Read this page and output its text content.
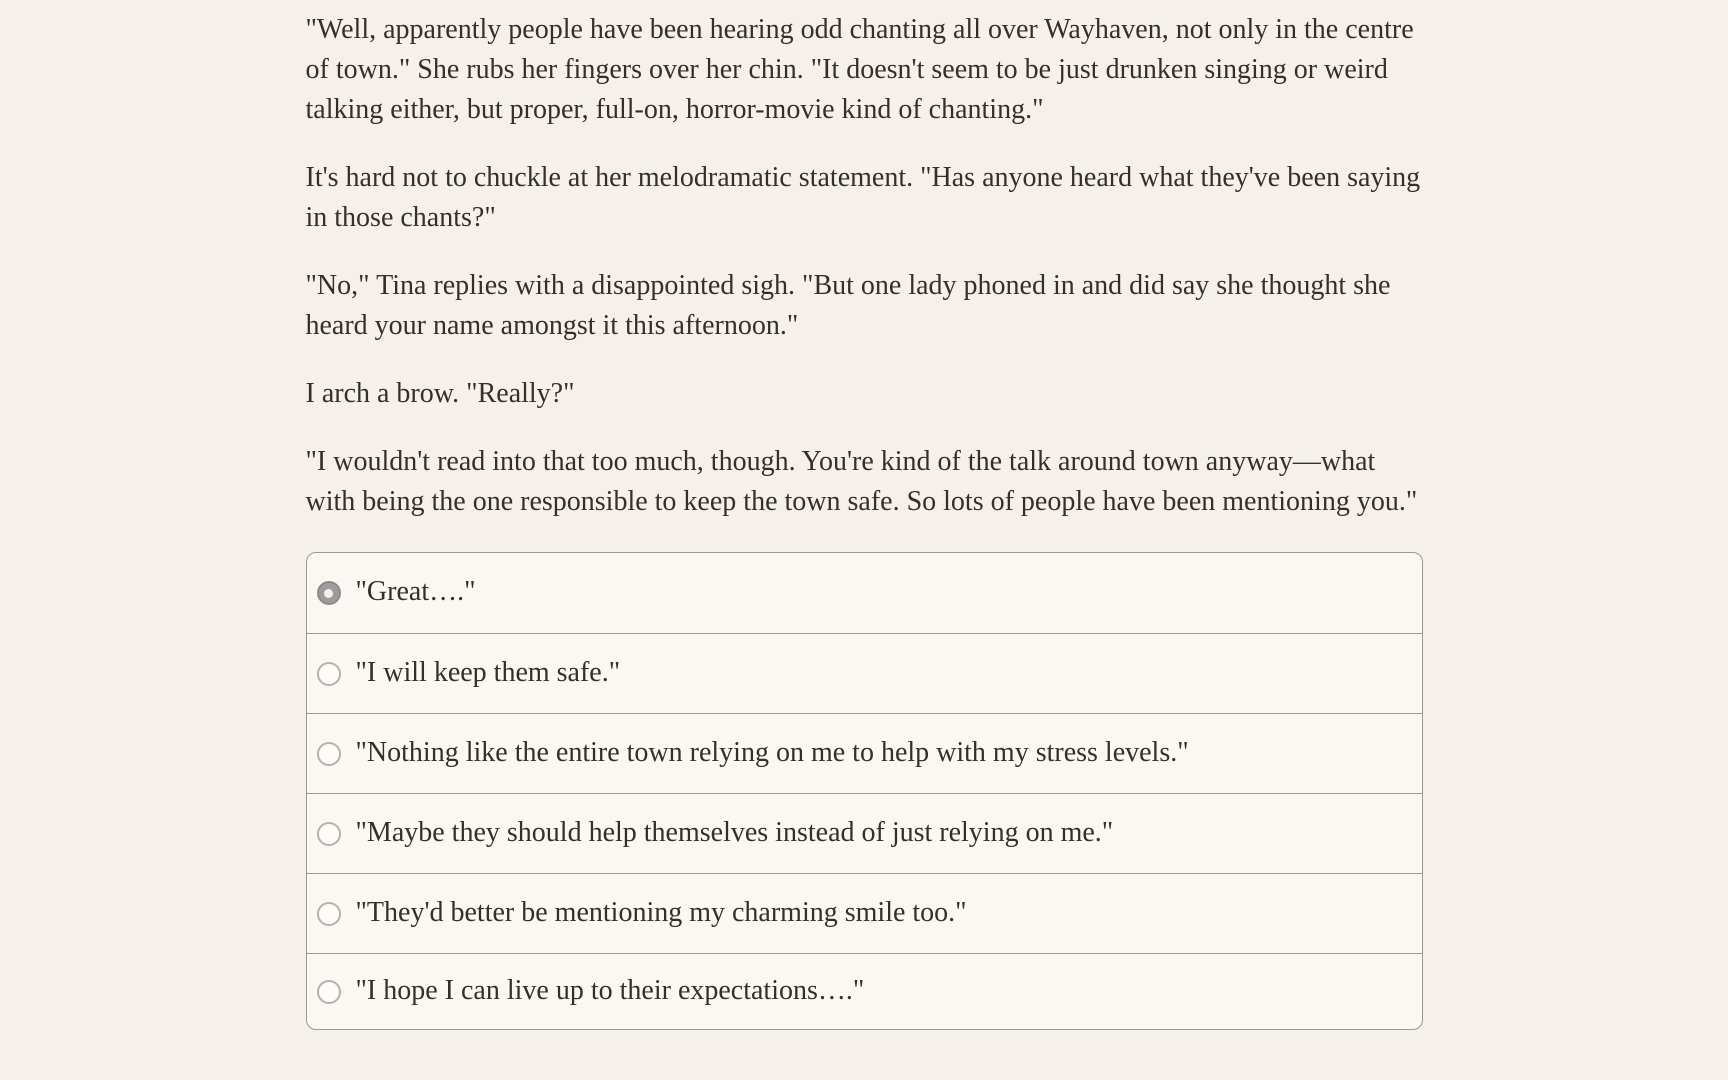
"Well, apparently people have been hearing odd chanting all over Wayhaven, not only in the centre of town." She rubs her fingers over her chin. "It doesn't seem to be just drunken singing or weird talking either, but proper, full-on, horror-movie kind of chanting."

It's hard not to chuckle at her melodramatic statement. "Has anyone heard what they've been saying in those chants?"

"No," Tina replies with a disappointed sigh. "But one lady phoned in and did say she thought she heard your name amongst it this afternoon."

I arch a brow. "Really?"

"I wouldn't read into that too much, though. You're kind of the talk around town anyway—what with being the one responsible to keep the town safe. So lots of people have been mentioning you."

"Great…."
"I will keep them safe."
"Nothing like the entire town relying on me to help with my stress levels."
"Maybe they should help themselves instead of just relying on me."
"They'd better be mentioning my charming smile too."
"I hope I can live up to their expectations…."
